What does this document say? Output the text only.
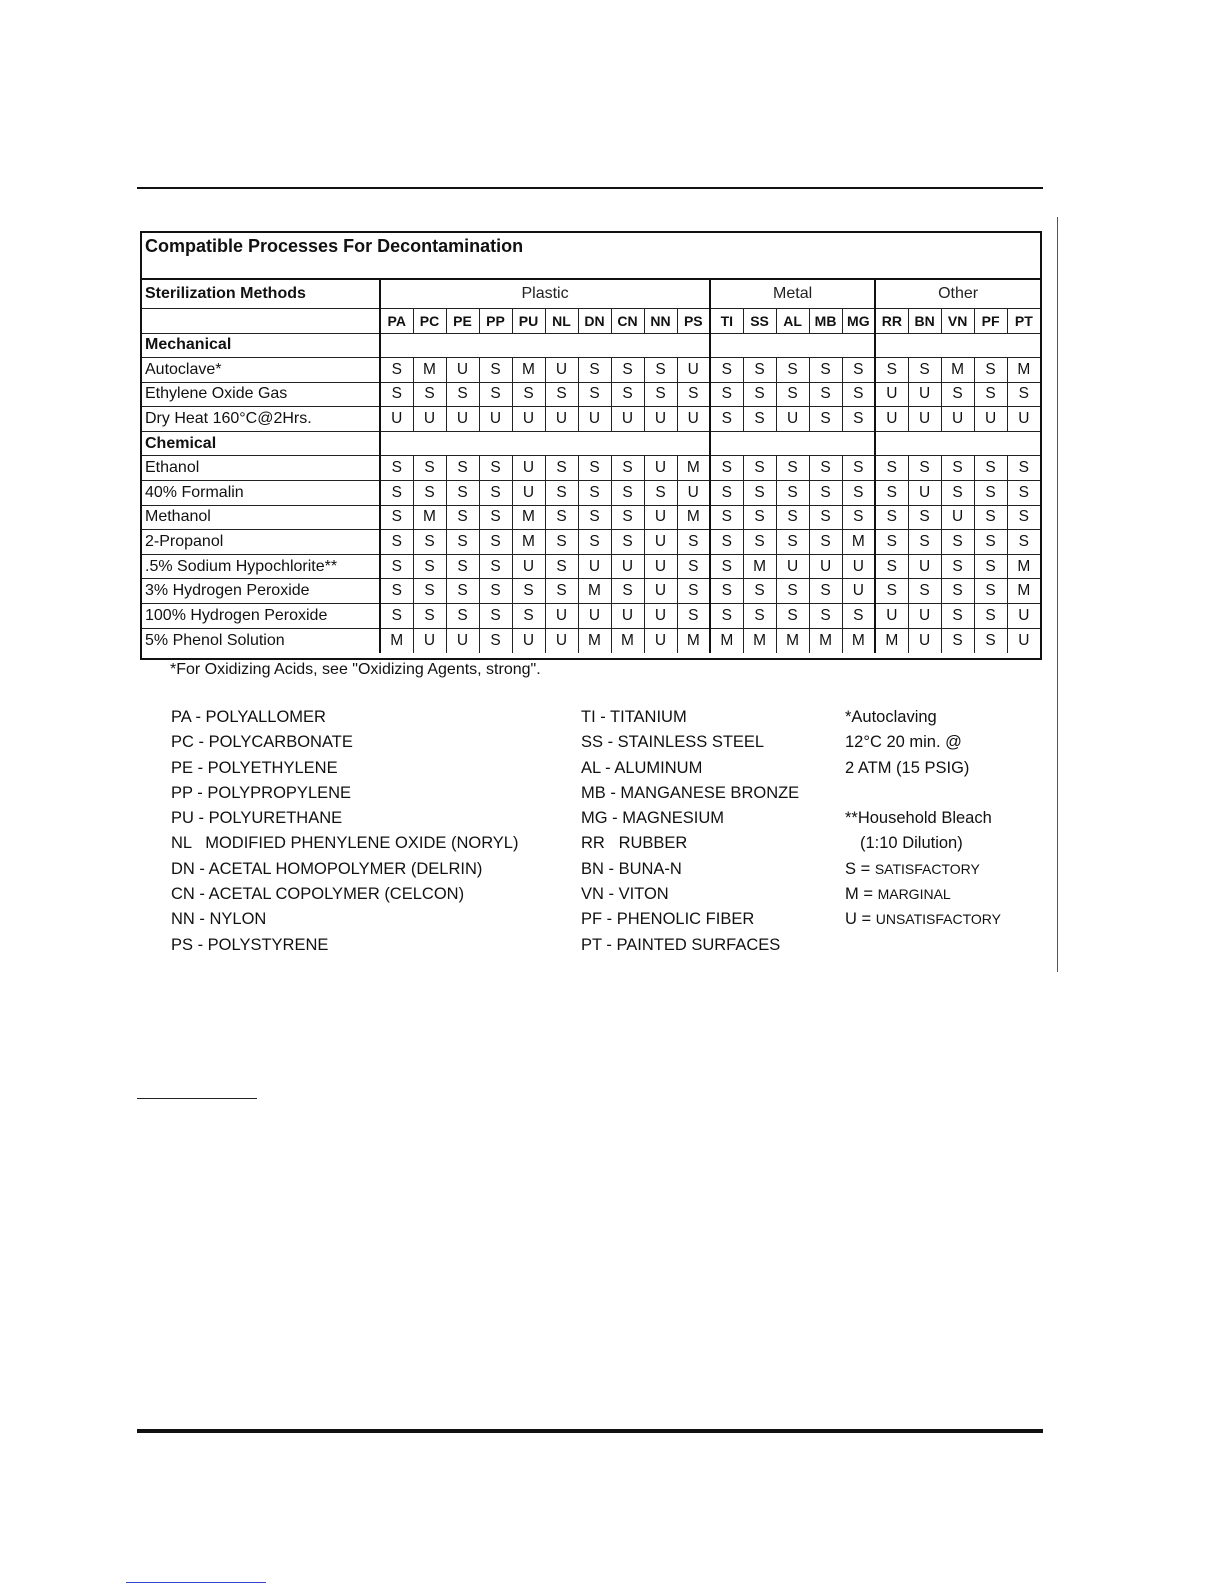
Compatible Processes For Decontamination
Sterilization Methods	Plastic										Metal					Other				
	PA	PC	PE	PP	PU	NL	DN	CN	NN	PS	TI	SS	AL	MB	MG	RR	BN	VN	PF	PT
Mechanical																				
Autoclave*	S	M	U	S	M	U	S	S	S	U	S	S	S	S	S	S	S	M	S	M
Ethylene Oxide Gas	S	S	S	S	S	S	S	S	S	S	S	S	S	S	S	U	U	S	S	S
Dry Heat 160°C@2Hrs.	U	U	U	U	U	U	U	U	U	U	S	S	U	S	S	U	U	U	U	U
Chemical																				
Ethanol	S	S	S	S	U	S	S	S	U	M	S	S	S	S	S	S	S	S	S	S
40% Formalin	S	S	S	S	U	S	S	S	S	U	S	S	S	S	S	S	U	S	S	S
Methanol	S	M	S	S	M	S	S	S	U	M	S	S	S	S	S	S	S	U	S	S
2-Propanol	S	S	S	S	M	S	S	S	U	S	S	S	S	S	M	S	S	S	S	S
.5% Sodium Hypochlorite**	S	S	S	S	U	S	U	U	U	S	S	M	U	U	U	S	U	S	S	M
3% Hydrogen Peroxide	S	S	S	S	S	S	M	S	U	S	S	S	S	S	U	S	S	S	S	M
100% Hydrogen Peroxide	S	S	S	S	S	U	U	U	U	S	S	S	S	S	S	U	U	S	S	U
5% Phenol Solution	M	U	U	S	U	U	M	M	U	M	M	M	M	M	M	M	U	S	S	U
*For Oxidizing Acids, see "Oxidizing Agents, strong".
PA - POLYALLOMER
PC - POLYCARBONATE
PE - POLYETHYLENE
PP - POLYPROPYLENE
PU - POLYURETHANE
NL   MODIFIED PHENYLENE OXIDE (NORYL)
DN - ACETAL HOMOPOLYMER (DELRIN)
CN - ACETAL COPOLYMER (CELCON)
NN - NYLON
PS - POLYSTYRENE
TI - TITANIUM
SS - STAINLESS STEEL
AL - ALUMINUM
MB - MANGANESE BRONZE
MG - MAGNESIUM
RR   RUBBER
BN - BUNA-N
VN - VITON
PF - PHENOLIC FIBER
PT - PAINTED SURFACES
*Autoclaving
12°C 20 min. @
2 ATM (15 PSIG)

**Household Bleach
(1:10 Dilution)
S = SATISFACTORY
M = MARGINAL
U = UNSATISFACTORY
